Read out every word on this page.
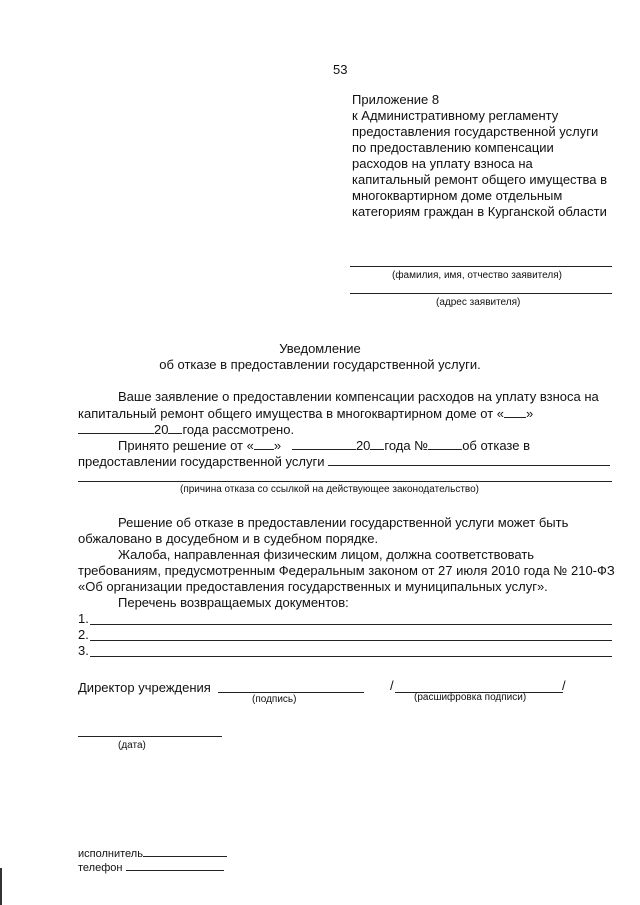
53
Приложение 8
к Административному регламенту
предоставления государственной услуги
по предоставлению компенсации
расходов на уплату взноса на
капитальный ремонт общего имущества в
многоквартирном доме отдельным
категориям граждан в Курганской области
(фамилия, имя, отчество заявителя)
(адрес заявителя)
Уведомление
об отказе в предоставлении государственной услуги.
Ваше заявление о предоставлении компенсации расходов на уплату взноса на
капитальный ремонт общего имущества в многоквартирном доме от « »
20 года рассмотрено.
Принято решение от « »	20 года №	об отказе в
предоставлении государственной услуги
(причина отказа со ссылкой на действующее законодательство)
Решение об отказе в предоставлении государственной услуги может быть
обжаловано в досудебном и в судебном порядке.
Жалоба, направленная физическим лицом, должна соответствовать
требованиям, предусмотренным Федеральным законом от 27 июля 2010 года № 210-ФЗ
«Об организации предоставления государственных и муниципальных услуг».
Перечень возвращаемых документов:
1.
2.
3.
Директор учреждения	/	/
(подпись)	(расшифровка подписи)
(дата)
исполнитель
телефон
